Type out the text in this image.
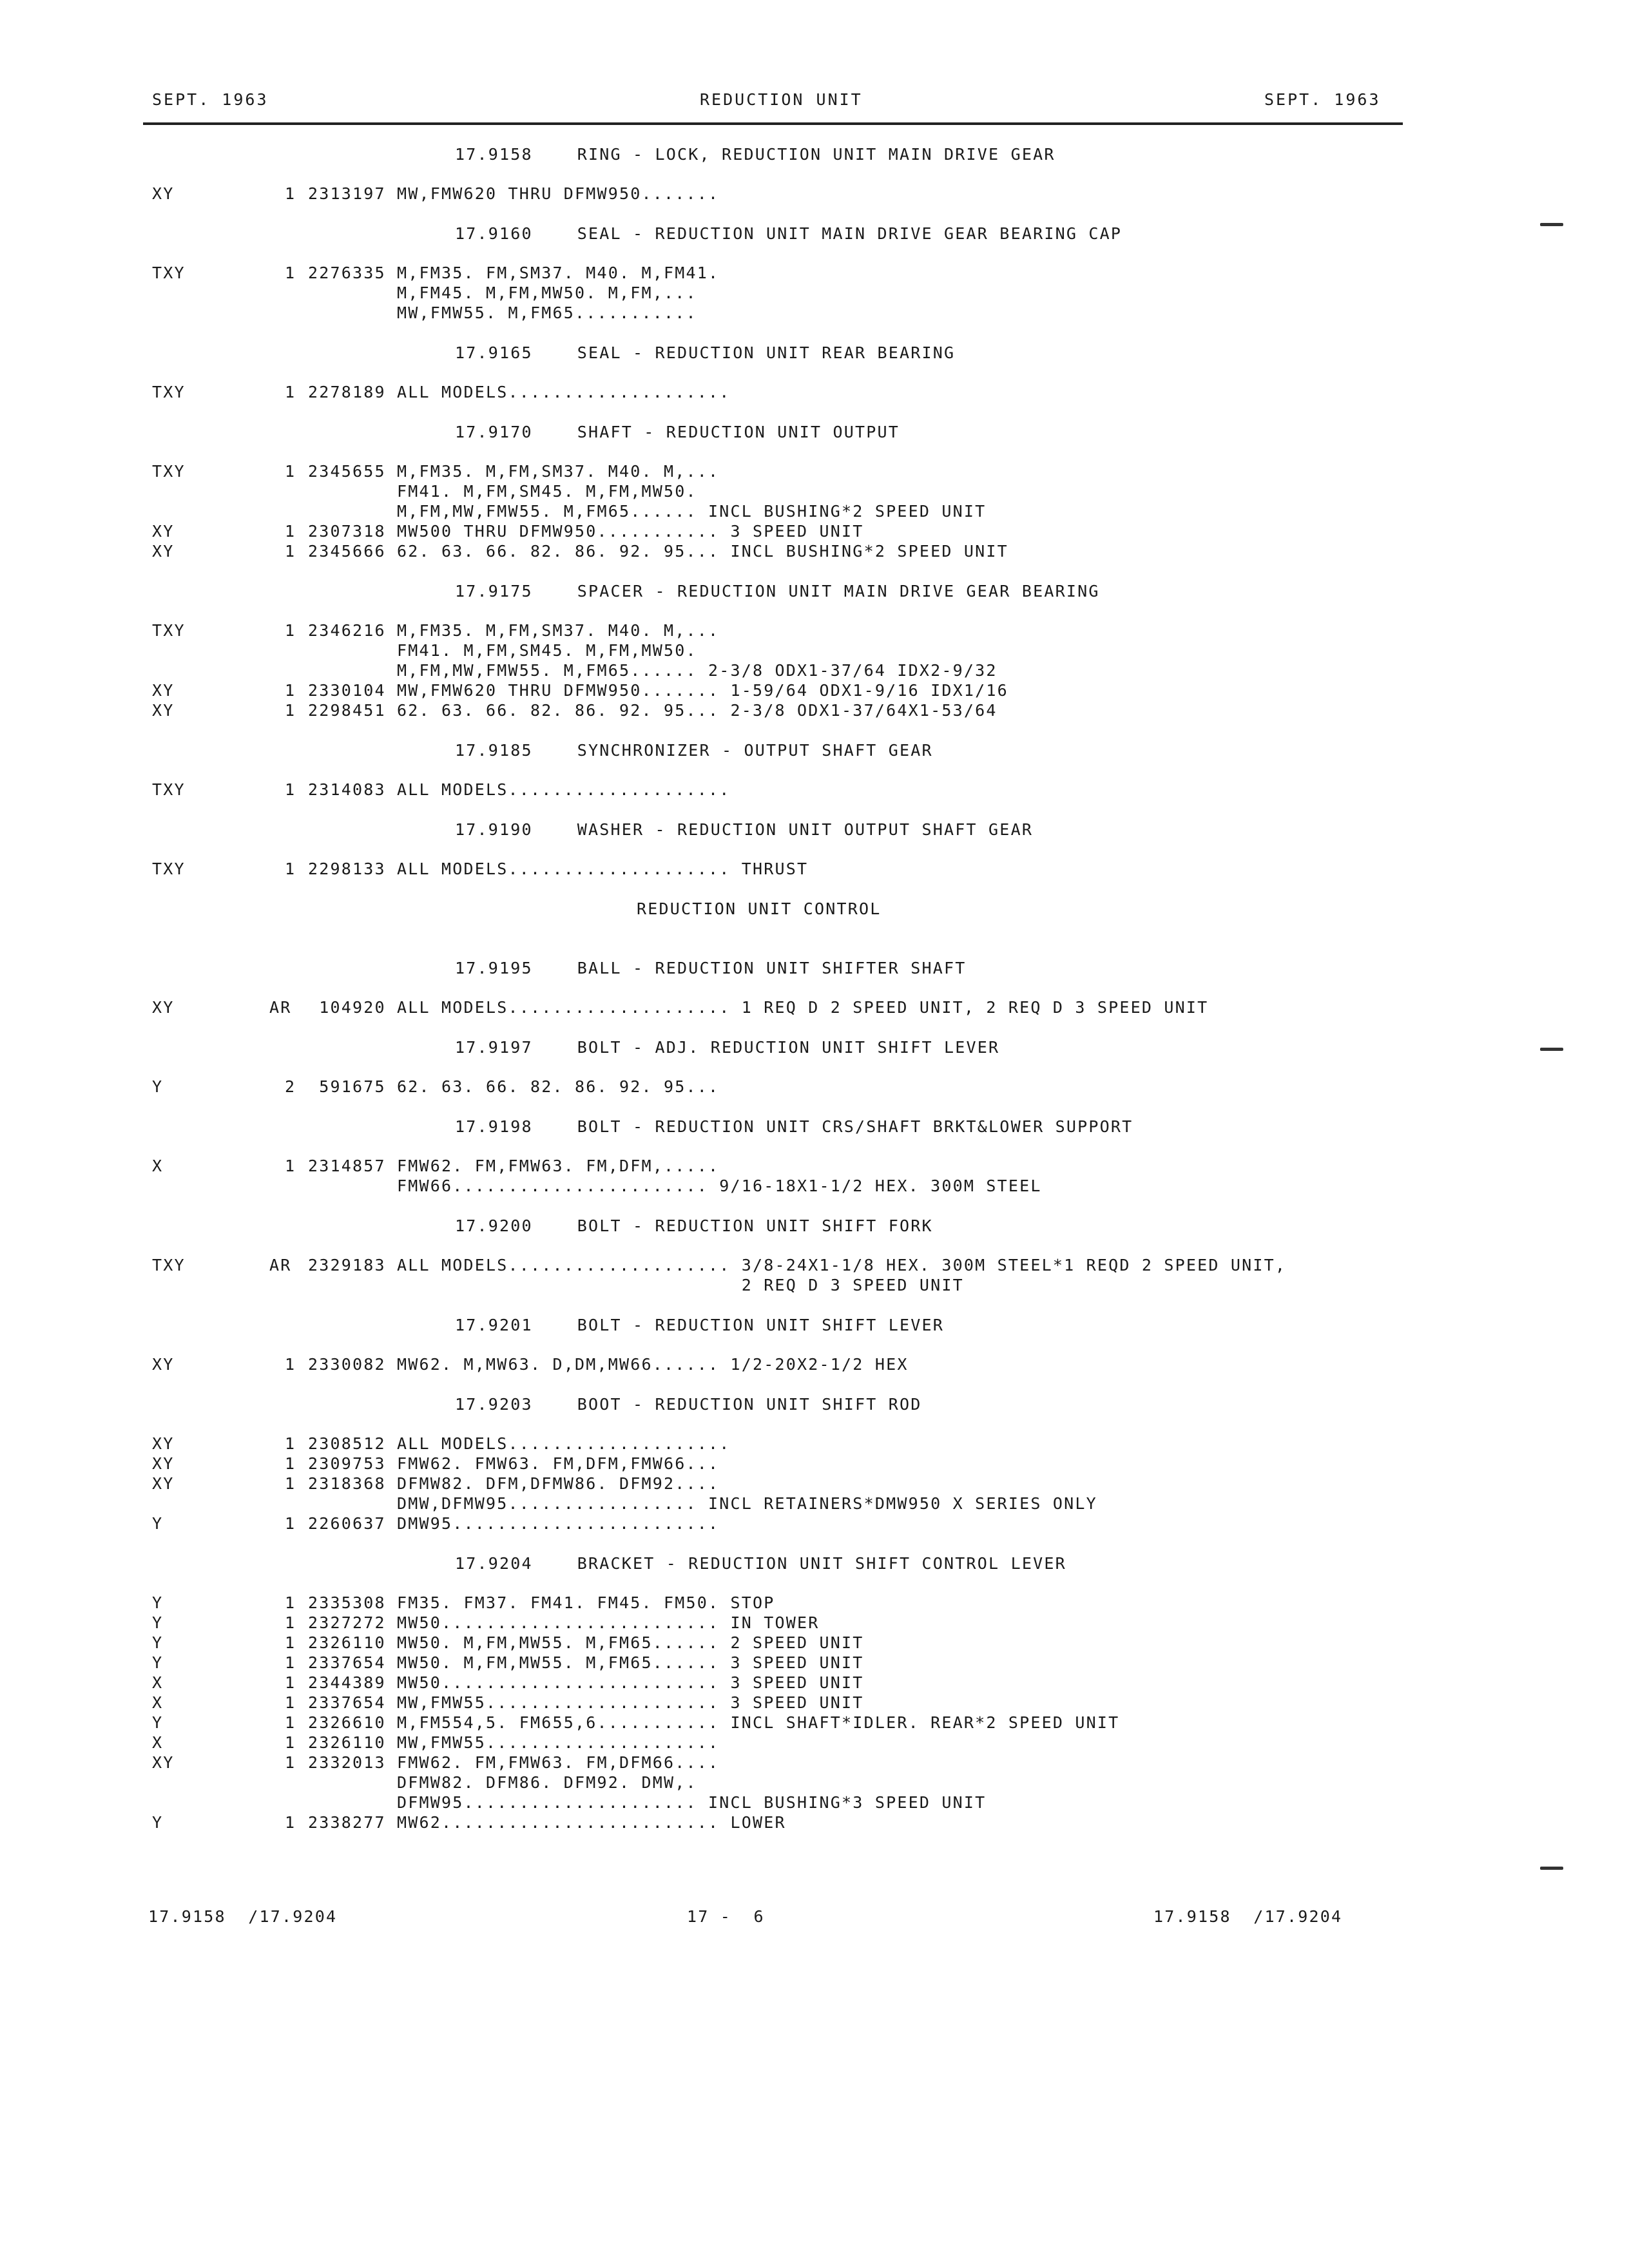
SEPT. 1963	REDUCTION UNIT	SEPT. 1963
17.9158    RING - LOCK, REDUCTION UNIT MAIN DRIVE GEAR
XY	1 2313197 MW,FMW620 THRU DFMW950.......
17.9160    SEAL - REDUCTION UNIT MAIN DRIVE GEAR BEARING CAP
TXY	1 2276335 M,FM35. FM,SM37. M40. M,FM41.
M,FM45. M,FM,MW50. M,FM,...
MW,FMW55. M,FM65...........
17.9165    SEAL - REDUCTION UNIT REAR BEARING
TXY	1 2278189 ALL MODELS....................
17.9170    SHAFT - REDUCTION UNIT OUTPUT
TXY	1 2345655 M,FM35. M,FM,SM37. M40. M,...
FM41. M,FM,SM45. M,FM,MW50.
M,FM,MW,FMW55. M,FM65...... INCL BUSHING*2 SPEED UNIT
XY	1 2307318 MW500 THRU DFMW950........... 3 SPEED UNIT
XY	1 2345666 62. 63. 66. 82. 86. 92. 95... INCL BUSHING*2 SPEED UNIT
17.9175    SPACER - REDUCTION UNIT MAIN DRIVE GEAR BEARING
TXY	1 2346216 M,FM35. M,FM,SM37. M40. M,...
FM41. M,FM,SM45. M,FM,MW50.
M,FM,MW,FMW55. M,FM65...... 2-3/8 ODX1-37/64 IDX2-9/32
XY	1 2330104 MW,FMW620 THRU DFMW950....... 1-59/64 ODX1-9/16 IDX1/16
XY	1 2298451 62. 63. 66. 82. 86. 92. 95... 2-3/8 ODX1-37/64X1-53/64
17.9185    SYNCHRONIZER - OUTPUT SHAFT GEAR
TXY	1 2314083 ALL MODELS....................
17.9190    WASHER - REDUCTION UNIT OUTPUT SHAFT GEAR
TXY	1 2298133 ALL MODELS.................... THRUST
REDUCTION UNIT CONTROL
17.9195    BALL - REDUCTION UNIT SHIFTER SHAFT
XY	AR 104920 ALL MODELS.................... 1 REQ D 2 SPEED UNIT, 2 REQ D 3 SPEED UNIT
17.9197    BOLT - ADJ. REDUCTION UNIT SHIFT LEVER
Y	2 591675 62. 63. 66. 82. 86. 92. 95...
17.9198    BOLT - REDUCTION UNIT CRS/SHAFT BRKT&LOWER SUPPORT
X	1 2314857 FMW62. FM,FMW63. FM,DFM,.....
FMW66....................... 9/16-18X1-1/2 HEX. 300M STEEL
17.9200    BOLT - REDUCTION UNIT SHIFT FORK
TXY	AR 2329183 ALL MODELS.................... 3/8-24X1-1/8 HEX. 300M STEEL*1 REQD 2 SPEED UNIT,
2 REQ D 3 SPEED UNIT
17.9201    BOLT - REDUCTION UNIT SHIFT LEVER
XY	1 2330082 MW62. M,MW63. D,DM,MW66...... 1/2-20X2-1/2 HEX
17.9203    BOOT - REDUCTION UNIT SHIFT ROD
XY	1 2308512 ALL MODELS....................
XY	1 2309753 FMW62. FMW63. FM,DFM,FMW66...
XY	1 2318368 DFMW82. DFM,DFMW86. DFM92....
DMW,DFMW95................. INCL RETAINERS*DMW950 X SERIES ONLY
Y	1 2260637 DMW95........................
17.9204    BRACKET - REDUCTION UNIT SHIFT CONTROL LEVER
Y	1 2335308 FM35. FM37. FM41. FM45. FM50. STOP
Y	1 2327272 MW50......................... IN TOWER
Y	1 2326110 MW50. M,FM,MW55. M,FM65...... 2 SPEED UNIT
Y	1 2337654 MW50. M,FM,MW55. M,FM65...... 3 SPEED UNIT
X	1 2344389 MW50......................... 3 SPEED UNIT
X	1 2337654 MW,FMW55..................... 3 SPEED UNIT
Y	1 2326610 M,FM554,5. FM655,6........... INCL SHAFT*IDLER. REAR*2 SPEED UNIT
X	1 2326110 MW,FMW55.....................
XY	1 2332013 FMW62. FM,FMW63. FM,DFM66....
DFMW82. DFM86. DFM92. DMW,.
DFMW95..................... INCL BUSHING*3 SPEED UNIT
Y	1 2338277 MW62......................... LOWER
17.9158  /17.9204	17 -  6	17.9158  /17.9204
